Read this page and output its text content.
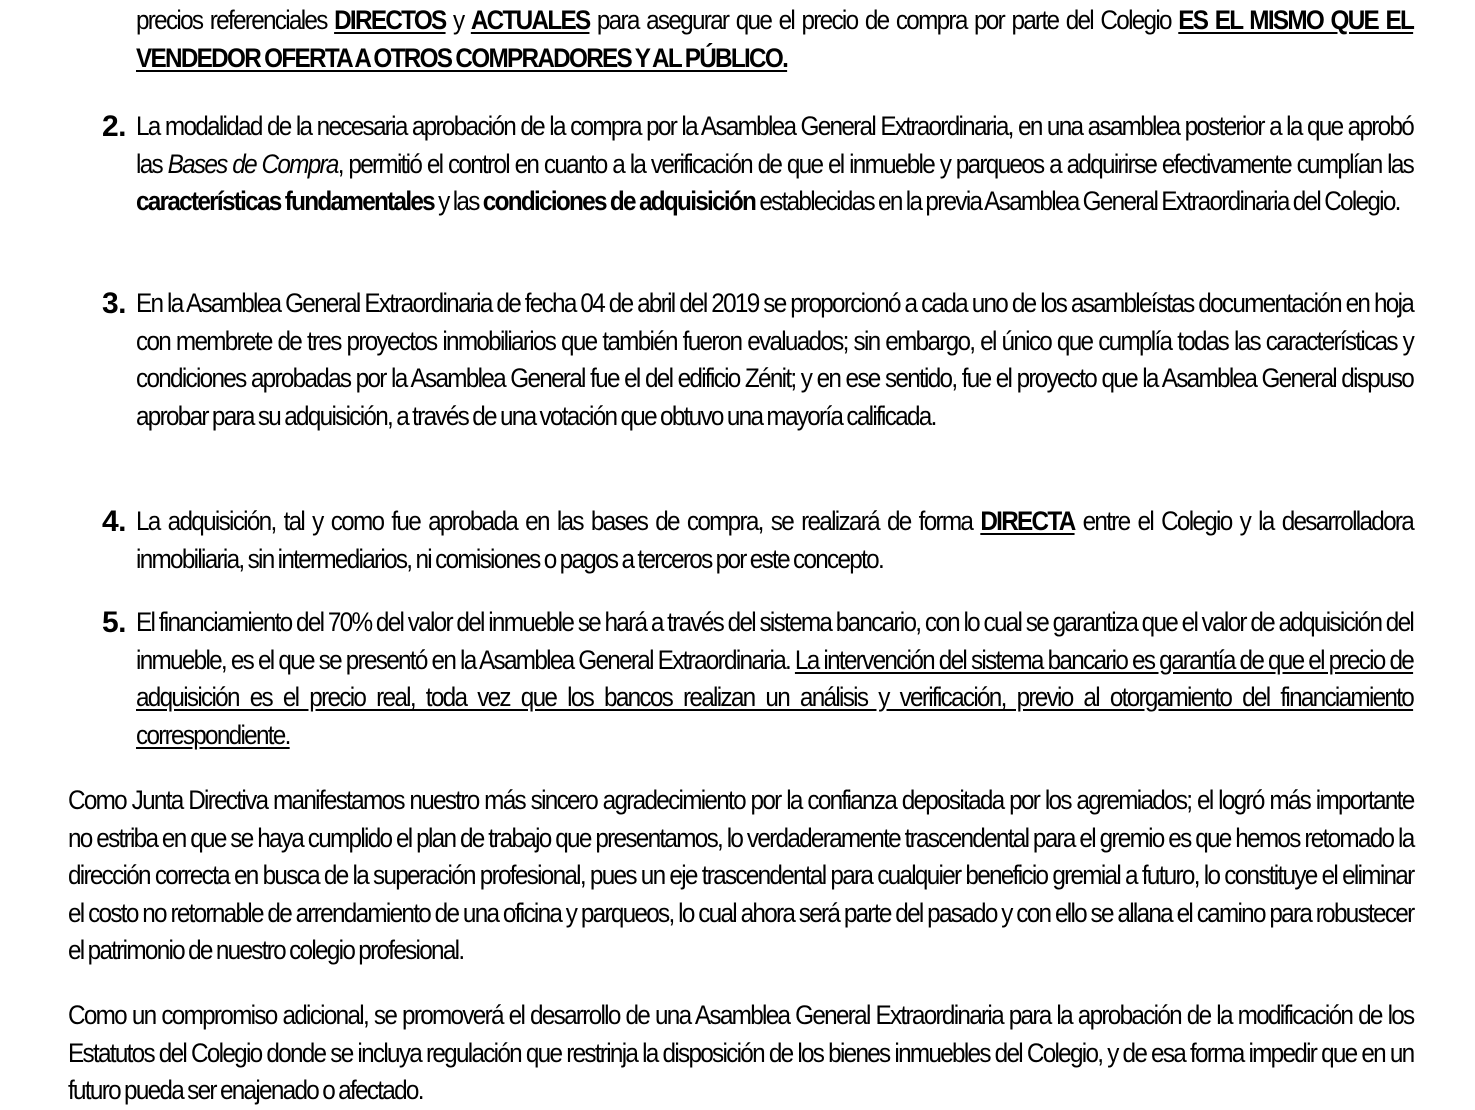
precios referenciales DIRECTOS y ACTUALES para asegurar que el precio de compra por parte del Colegio ES EL MISMO QUE EL VENDEDOR OFERTA A OTROS COMPRADORES Y AL PÚBLICO.
2. La modalidad de la necesaria aprobación de la compra por la Asamblea General Extraordinaria, en una asamblea posterior a la que aprobó las Bases de Compra, permitió el control en cuanto a la verificación de que el inmueble y parqueos a adquirirse efectivamente cumplían las características fundamentales y las condiciones de adquisición establecidas en la previa Asamblea General Extraordinaria del Colegio.
3. En la Asamblea General Extraordinaria de fecha 04 de abril del 2019 se proporcionó a cada uno de los asambleístas documentación en hoja con membrete de tres proyectos inmobiliarios que también fueron evaluados; sin embargo, el único que cumplía todas las características y condiciones aprobadas por la Asamblea General fue el del edificio Zénit; y en ese sentido, fue el proyecto que la Asamblea General dispuso aprobar para su adquisición, a través de una votación que obtuvo una mayoría calificada.
4. La adquisición, tal y como fue aprobada en las bases de compra, se realizará de forma DIRECTA entre el Colegio y la desarrolladora inmobiliaria, sin intermediarios, ni comisiones o pagos a terceros por este concepto.
5. El financiamiento del 70% del valor del inmueble se hará a través del sistema bancario, con lo cual se garantiza que el valor de adquisición del inmueble, es el que se presentó en la Asamblea General Extraordinaria. La intervención del sistema bancario es garantía de que el precio de adquisición es el precio real, toda vez que los bancos realizan un análisis y verificación, previo al otorgamiento del financiamiento correspondiente.
Como Junta Directiva manifestamos nuestro más sincero agradecimiento por la confianza depositada por los agremiados; el logró más importante no estriba en que se haya cumplido el plan de trabajo que presentamos, lo verdaderamente trascendental para el gremio es que hemos retomado la dirección correcta en busca de la superación profesional, pues un eje trascendental para cualquier beneficio gremial a futuro, lo constituye el eliminar el costo no retornable de arrendamiento de una oficina y parqueos, lo cual ahora será parte del pasado y con ello se allana el camino para robustecer el patrimonio de nuestro colegio profesional.
Como un compromiso adicional, se promoverá el desarrollo de una Asamblea General Extraordinaria para la aprobación de la modificación de los Estatutos del Colegio donde se incluya regulación que restrinja la disposición de los bienes inmuebles del Colegio, y de esa forma impedir que en un futuro pueda ser enajenado o afectado.
